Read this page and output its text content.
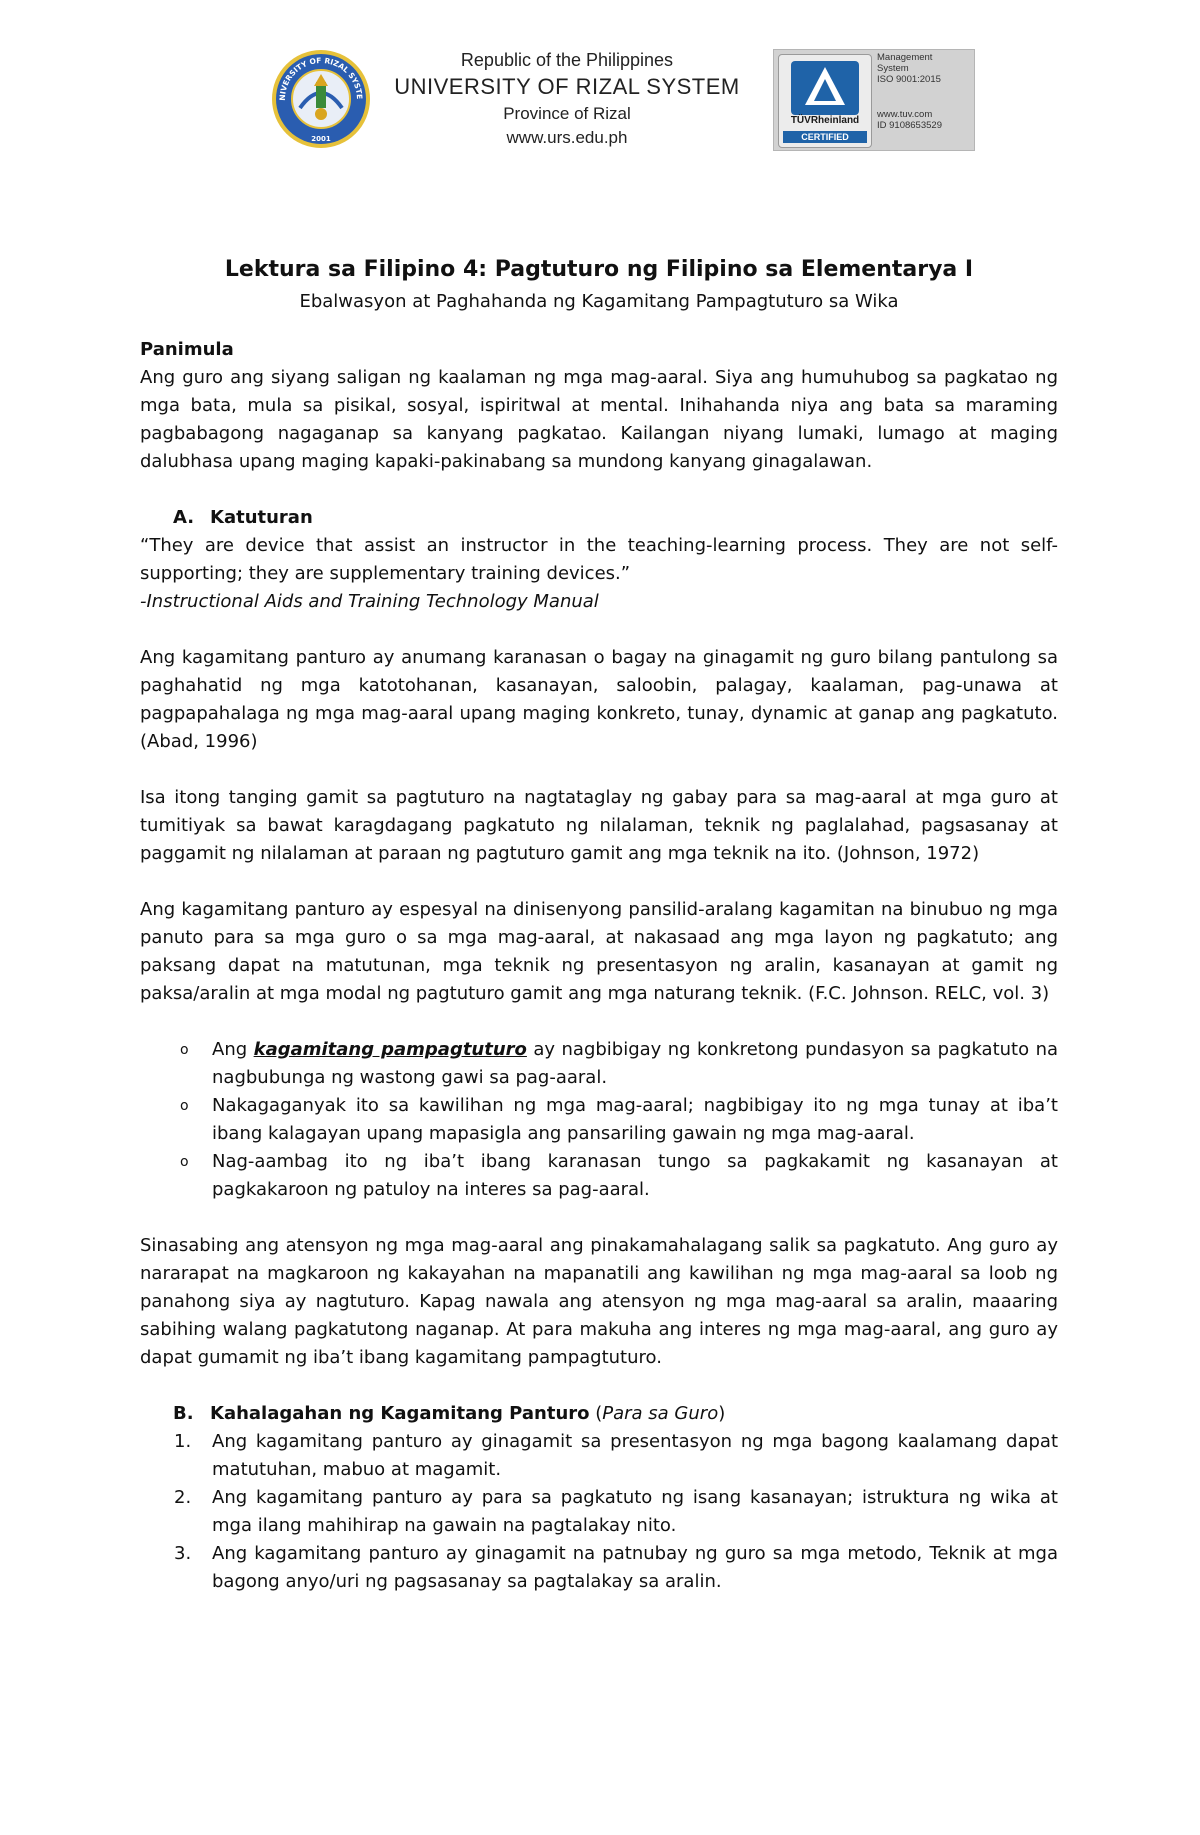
NIVERSITY OF RIZAL SYSTE
2001
Republic of the Philippines
UNIVERSITY OF RIZAL SYSTEM
Province of Rizal
www.urs.edu.ph
TÜVRheinland
CERTIFIED
Management
System
ISO 9001:2015
www.tuv.com
ID 9108653529
Lektura sa Filipino 4: Pagtuturo ng Filipino sa Elementarya I
Ebalwasyon at Paghahanda ng Kagamitang Pampagtuturo sa Wika
Panimula

Ang guro ang siyang saligan ng kaalaman ng mga mag-aaral. Siya ang humuhubog sa pagkatao ng mga bata, mula sa pisikal, sosyal, ispiritwal at mental. Inihahanda niya ang bata sa maraming pagbabagong nagaganap sa kanyang pagkatao. Kailangan niyang lumaki, lumago at maging dalubhasa upang maging kapaki-pakinabang sa mundong kanyang ginagalawan.

A. Katuturan

“They are device that assist an instructor in the teaching-learning process. They are not self-supporting; they are supplementary training devices.”

-Instructional Aids and Training Technology Manual

Ang kagamitang panturo ay anumang karanasan o bagay na ginagamit ng guro bilang pantulong sa paghahatid ng mga katotohanan, kasanayan, saloobin, palagay, kaalaman, pag-unawa at pagpapahalaga ng mga mag-aaral upang maging konkreto, tunay, dynamic at ganap ang pagkatuto. (Abad, 1996)

Isa itong tanging gamit sa pagtuturo na nagtataglay ng gabay para sa mag-aaral at mga guro at tumitiyak sa bawat karagdagang pagkatuto ng nilalaman, teknik ng paglalahad, pagsasanay at paggamit ng nilalaman at paraan ng pagtuturo gamit ang mga teknik na ito. (Johnson, 1972)

Ang kagamitang panturo ay espesyal na dinisenyong pansilid-aralang kagamitan na binubuo ng mga panuto para sa mga guro o sa mga mag-aaral, at nakasaad ang mga layon ng pagkatuto; ang paksang dapat na matutunan, mga teknik ng presentasyon ng aralin, kasanayan at gamit ng paksa/aralin at mga modal ng pagtuturo gamit ang mga naturang teknik. (F.C. Johnson. RELC, vol. 3)

o Ang kagamitang pampagtuturo ay nagbibigay ng konkretong pundasyon sa pagkatuto na nagbubunga ng wastong gawi sa pag-aaral.
o Nakagaganyak ito sa kawilihan ng mga mag-aaral; nagbibigay ito ng mga tunay at iba’t ibang kalagayan upang mapasigla ang pansariling gawain ng mga mag-aaral.
o Nag-aambag ito ng iba’t ibang karanasan tungo sa pagkakamit ng kasanayan at pagkakaroon ng patuloy na interes sa pag-aaral.

Sinasabing ang atensyon ng mga mag-aaral ang pinakamahalagang salik sa pagkatuto. Ang guro ay nararapat na magkaroon ng kakayahan na mapanatili ang kawilihan ng mga mag-aaral sa loob ng panahong siya ay nagtuturo. Kapag nawala ang atensyon ng mga mag-aaral sa aralin, maaaring sabihing walang pagkatutong naganap. At para makuha ang interes ng mga mag-aaral, ang guro ay dapat gumamit ng iba’t ibang kagamitang pampagtuturo.

B. Kahalagahan ng Kagamitang Panturo (Para sa Guro)
1. Ang kagamitang panturo ay ginagamit sa presentasyon ng mga bagong kaalamang dapat matutuhan, mabuo at magamit.
2. Ang kagamitang panturo ay para sa pagkatuto ng isang kasanayan; istruktura ng wika at mga ilang mahihirap na gawain na pagtalakay nito.
3. Ang kagamitang panturo ay ginagamit na patnubay ng guro sa mga metodo, Teknik at mga bagong anyo/uri ng pagsasanay sa pagtalakay sa aralin.
